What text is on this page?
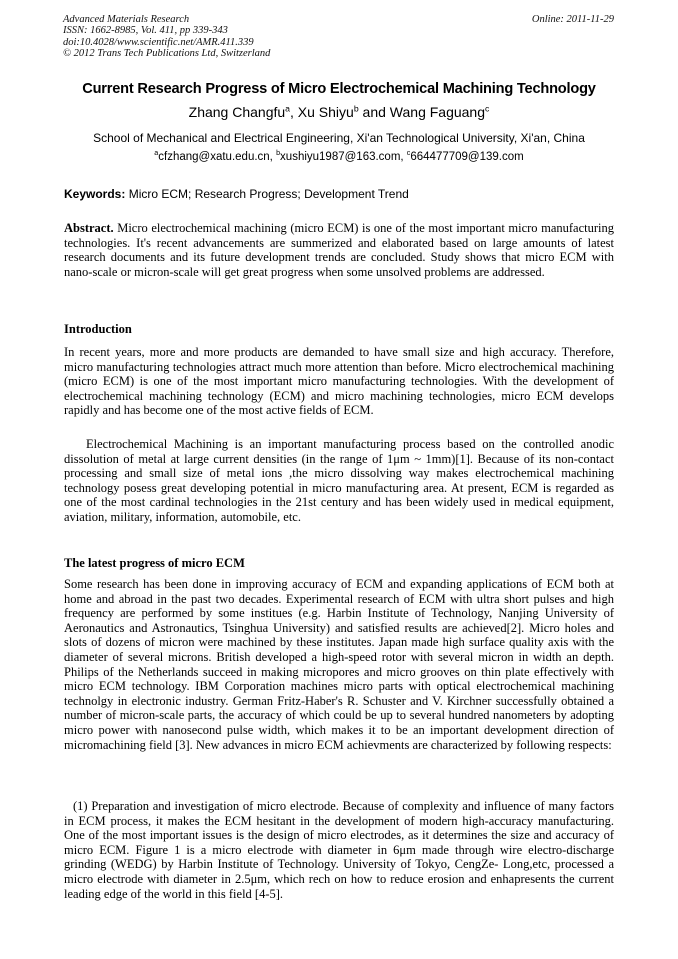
Advanced Materials Research
ISSN: 1662-8985, Vol. 411, pp 339-343
doi:10.4028/www.scientific.net/AMR.411.339
© 2012 Trans Tech Publications Ltd, Switzerland
Online: 2011-11-29
Current Research Progress of Micro Electrochemical Machining Technology
Zhang Changfu$^a$, Xu Shiyu$^b$ and Wang Faguang$^c$
School of Mechanical and Electrical Engineering, Xi'an Technological University, Xi'an, China
$^a$cfzhang@xatu.edu.cn, $^b$xushiyu1987@163.com, $^c$664477709@139.com
Keywords: Micro ECM; Research Progress; Development Trend

Abstract. Micro electrochemical machining (micro ECM) is one of the most important micro manufacturing technologies. It's recent advancements are summerized and elaborated based on large amounts of latest research documents and its future development trends are concluded. Study shows that micro ECM with nano-scale or micron-scale will get great progress when some unsolved problems are addressed.

Introduction

In recent years, more and more products are demanded to have small size and high accuracy. Therefore, micro manufacturing technologies attract much more attention than before. Micro electrochemical machining (micro ECM) is one of the most important micro manufacturing technologies. With the development of electrochemical machining technology (ECM) and micro machining technologies, micro ECM develops rapidly and has become one of the most active fields of ECM.

Electrochemical Machining is an important manufacturing process based on the controlled anodic dissolution of metal at large current densities (in the range of 1μm ~ 1mm)[1]. Because of its non-contact processing and small size of metal ions ,the micro dissolving way makes electrochemical machining technology posess great developing potential in micro manufacturing area. At present, ECM is regarded as one of the most cardinal technologies in the 21st century and has been widely used in medical equipment, aviation, military, information, automobile, etc.

The latest progress of micro ECM

Some research has been done in improving accuracy of ECM and expanding applications of ECM both at home and abroad in the past two decades. Experimental research of ECM with ultra short pulses and high frequency are performed by some institues (e.g. Harbin Institute of Technology, Nanjing University of Aeronautics and Astronautics, Tsinghua University) and satisfied results are achieved[2]. Micro holes and slots of dozens of micron were machined by these institutes. Japan made high surface quality axis with the diameter of several microns. British developed a high-speed rotor with several micron in width an depth. Philips of the Netherlands succeed in making micropores and micro grooves on thin plate effectively with micro ECM technology. IBM Corporation machines micro parts with optical electrochemical machining technolgy in electronic industry. German Fritz-Haber's R. Schuster and V. Kirchner successfully obtained a number of micron-scale parts, the accuracy of which could be up to several hundred nanometers by adopting micro power with nanosecond pulse width, which makes it to be an important development direction of micromachining field [3]. New advances in micro ECM achievments are characterized by following respects:

(1) Preparation and investigation of micro electrode. Because of complexity and influence of many factors in ECM process, it makes the ECM hesitant in the development of modern high-accuracy manufacturing. One of the most important issues is the design of micro electrodes, as it determines the size and accuracy of micro ECM. Figure 1 is a micro electrode with diameter in 6μm made through wire electro-discharge grinding (WEDG) by Harbin Institute of Technology. University of Tokyo, CengZe- Long,etc, processed a micro electrode with diameter in 2.5μm, which rech on how to reduce erosion and enhapresents the current leading edge of the world in this field [4-5].
